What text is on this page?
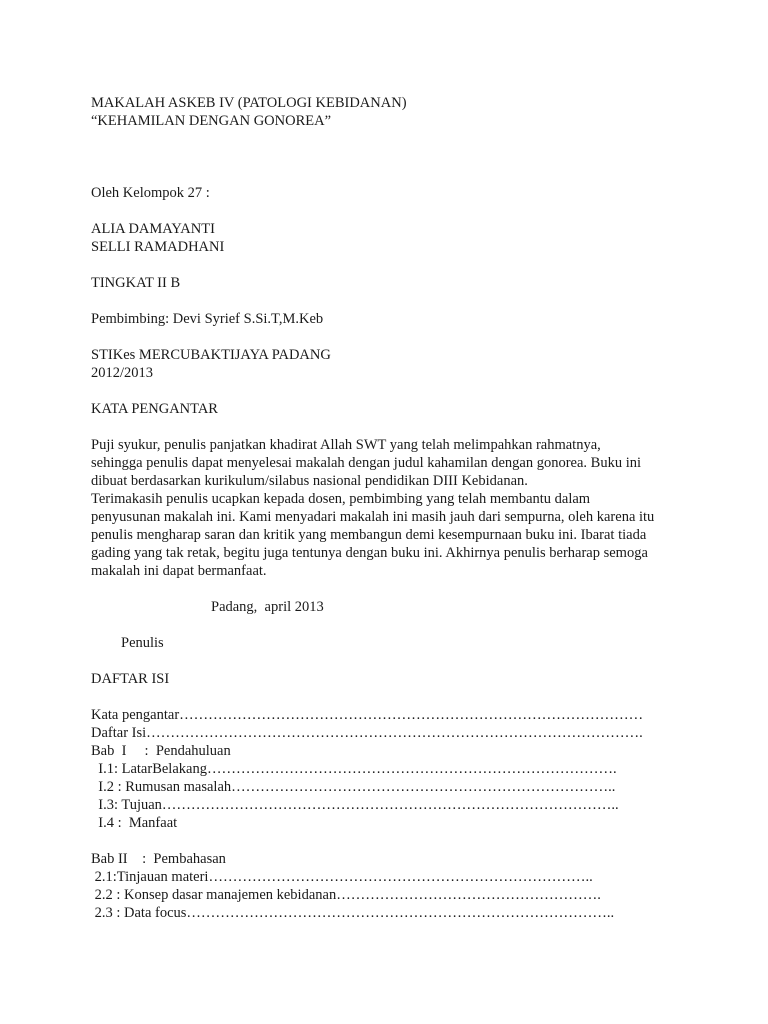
MAKALAH ASKEB IV (PATOLOGI KEBIDANAN)

“KEHAMILAN DENGAN GONOREA”

Oleh Kelompok 27 :

ALIA DAMAYANTI

SELLI RAMADHANI

TINGKAT II B

Pembimbing: Devi Syrief S.Si.T,M.Keb

STIKes MERCUBAKTIJAYA PADANG

2012/2013

KATA PENGANTAR

Puji syukur, penulis panjatkan khadirat Allah SWT yang telah melimpahkan rahmatnya,

sehingga penulis dapat menyelesai makalah dengan judul kahamilan dengan gonorea. Buku ini

dibuat berdasarkan kurikulum/silabus nasional pendidikan DIII Kebidanan.

Terimakasih penulis ucapkan kepada dosen, pembimbing yang telah membantu dalam

penyusunan makalah ini. Kami menyadari makalah ini masih jauh dari sempurna, oleh karena itu

penulis mengharap saran dan kritik yang membangun demi kesempurnaan buku ini. Ibarat tiada

gading yang tak retak, begitu juga tentunya dengan buku ini. Akhirnya penulis berharap semoga

makalah ini dapat bermanfaat.

Padang,  april 2013

Penulis

DAFTAR ISI

Kata pengantar……………………………………………………………………………………
Daftar Isi………………………………………………………………………………………….
Bab  I     :  Pendahuluan
I.1: LatarBelakang………………………………………………………………………….
I.2 : Rumusan masalah……………………………………………………………………..
I.3: Tujuan…………………………………………………………………………………..
I.4 :  Manfaat
Bab II    :  Pembahasan
2.1:Tinjauan materi……………………………………………………………………..
2.2 : Konsep dasar manajemen kebidanan……………………………………………….
2.3 : Data focus……………………………………………………………………………..
